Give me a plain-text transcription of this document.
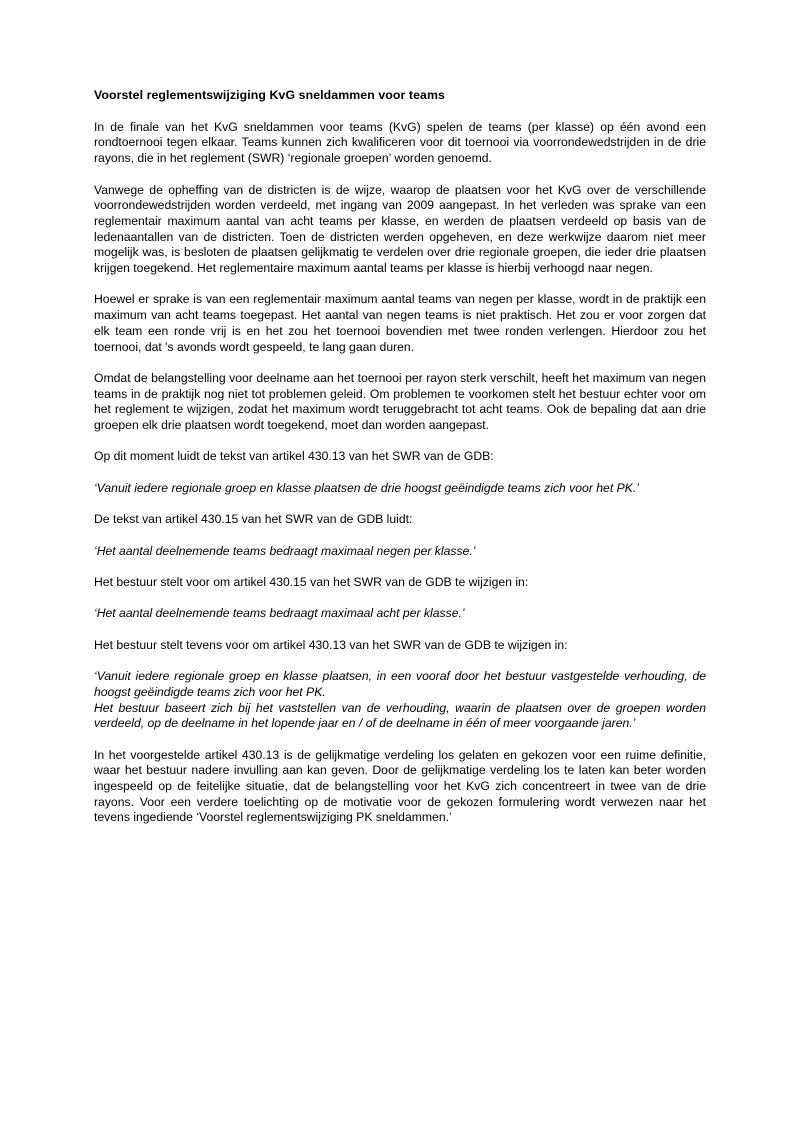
Voorstel reglementswijziging KvG sneldammen voor teams

In de finale van het KvG sneldammen voor teams (KvG) spelen de teams (per klasse) op één avond een rondtoernooi tegen elkaar. Teams kunnen zich kwalificeren voor dit toernooi via voorrondewedstrijden in de drie rayons, die in het reglement (SWR) ‘regionale groepen’ worden genoemd.

Vanwege de opheffing van de districten is de wijze, waarop de plaatsen voor het KvG over de verschillende voorrondewedstrijden worden verdeeld, met ingang van 2009 aangepast. In het verleden was sprake van een reglementair maximum aantal van acht teams per klasse, en werden de plaatsen verdeeld op basis van de ledenaantallen van de districten. Toen de districten werden opgeheven, en deze werkwijze daarom niet meer mogelijk was, is besloten de plaatsen gelijkmatig te verdelen over drie regionale groepen, die ieder drie plaatsen krijgen toegekend. Het reglementaire maximum aantal teams per klasse is hierbij verhoogd naar negen.

Hoewel er sprake is van een reglementair maximum aantal teams van negen per klasse, wordt in de praktijk een maximum van acht teams toegepast. Het aantal van negen teams is niet praktisch. Het zou er voor zorgen dat elk team een ronde vrij is en het zou het toernooi bovendien met twee ronden verlengen. Hierdoor zou het toernooi, dat 's avonds wordt gespeeld, te lang gaan duren.

Omdat de belangstelling voor deelname aan het toernooi per rayon sterk verschilt, heeft het maximum van negen teams in de praktijk nog niet tot problemen geleid. Om problemen te voorkomen stelt het bestuur echter voor om het reglement te wijzigen, zodat het maximum wordt teruggebracht tot acht teams. Ook de bepaling dat aan drie groepen elk drie plaatsen wordt toegekend, moet dan worden aangepast.

Op dit moment luidt de tekst van artikel 430.13 van het SWR van de GDB:

‘Vanuit iedere regionale groep en klasse plaatsen de drie hoogst geëindigde teams zich voor het PK.’

De tekst van artikel 430.15 van het SWR van de GDB luidt:

‘Het aantal deelnemende teams bedraagt maximaal negen per klasse.’

Het bestuur stelt voor om artikel 430.15 van het SWR van de GDB te wijzigen in:

‘Het aantal deelnemende teams bedraagt maximaal acht per klasse.’

Het bestuur stelt tevens voor om artikel 430.13 van het SWR van de GDB te wijzigen in:

‘Vanuit iedere regionale groep en klasse plaatsen, in een vooraf door het bestuur vastgestelde verhouding, de hoogst geëindigde teams zich voor het PK.

Het bestuur baseert zich bij het vaststellen van de verhouding, waarin de plaatsen over de groepen worden verdeeld, op de deelname in het lopende jaar en / of de deelname in één of meer voorgaande jaren.’

In het voorgestelde artikel 430.13 is de gelijkmatige verdeling los gelaten en gekozen voor een ruime definitie, waar het bestuur nadere invulling aan kan geven. Door de gelijkmatige verdeling los te laten kan beter worden ingespeeld op de feitelijke situatie, dat de belangstelling voor het KvG zich concentreert in twee van de drie rayons. Voor een verdere toelichting op de motivatie voor de gekozen formulering wordt verwezen naar het tevens ingediende ‘Voorstel reglementswijziging PK sneldammen.’
